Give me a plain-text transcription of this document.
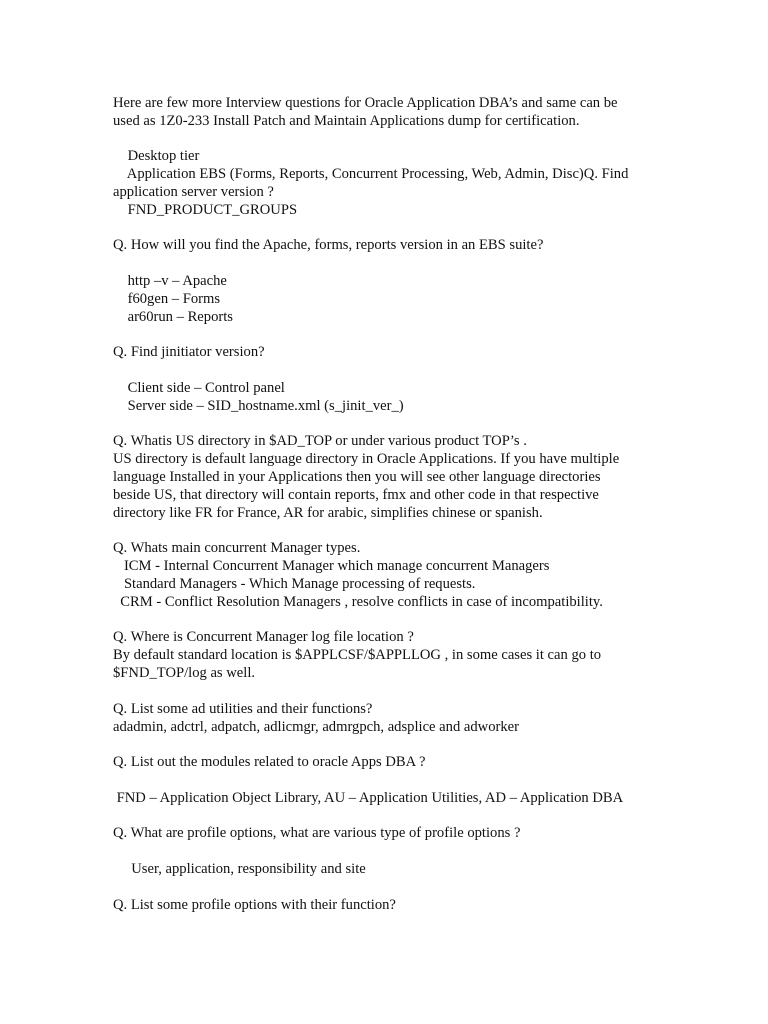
Here are few more Interview questions for Oracle Application DBA’s and same can be
used as 1Z0-233 Install Patch and Maintain Applications dump for certification.
Desktop tier
Application EBS (Forms, Reports, Concurrent Processing, Web, Admin, Disc)Q. Find
application server version ?
FND_PRODUCT_GROUPS
Q. How will you find the Apache, forms, reports version in an EBS suite?
http –v – Apache
f60gen – Forms
ar60run – Reports
Q. Find jinitiator version?
Client side – Control panel
Server side – SID_hostname.xml (s_jinit_ver_)
Q. Whatis US directory in $AD_TOP or under various product TOP’s .
US directory is default language directory in Oracle Applications. If you have multiple
language Installed in your Applications then you will see other language directories
beside US, that directory will contain reports, fmx and other code in that respective
directory like FR for France, AR for arabic, simplifies chinese or spanish.
Q. Whats main concurrent Manager types.
ICM - Internal Concurrent Manager which manage concurrent Managers
Standard Managers - Which Manage processing of requests.
CRM - Conflict Resolution Managers , resolve conflicts in case of incompatibility.
Q. Where is Concurrent Manager log file location ?
By default standard location is $APPLCSF/$APPLLOG , in some cases it can go to
$FND_TOP/log as well.
Q. List some ad utilities and their functions?
adadmin, adctrl, adpatch, adlicmgr, admrgpch, adsplice and adworker
Q. List out the modules related to oracle Apps DBA ?
FND – Application Object Library, AU – Application Utilities, AD – Application DBA
Q. What are profile options, what are various type of profile options ?
User, application, responsibility and site
Q. List some profile options with their function?
